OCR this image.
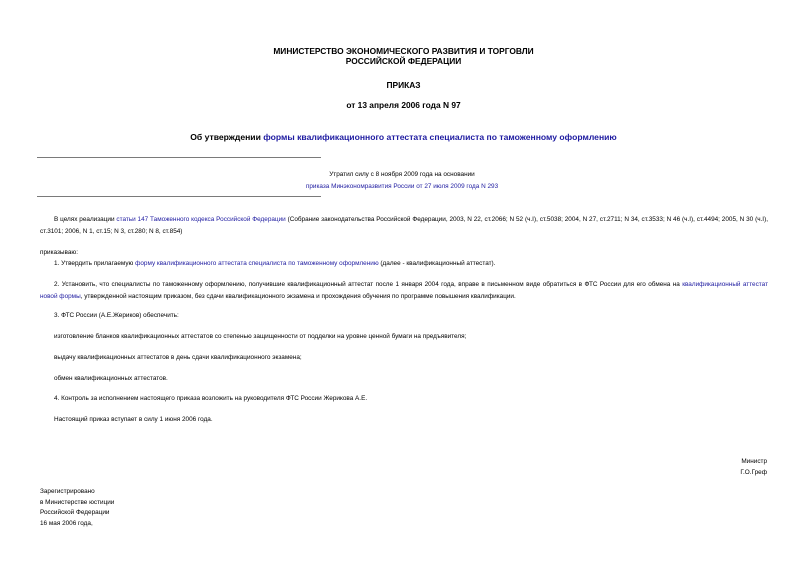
МИНИСТЕРСТВО ЭКОНОМИЧЕСКОГО РАЗВИТИЯ И ТОРГОВЛИ
РОССИЙСКОЙ ФЕДЕРАЦИИ
ПРИКАЗ
от 13 апреля 2006 года N 97
Об утверждении формы квалификационного аттестата специалиста по таможенному оформлению
Утратил силу с 8 ноября 2009 года на основании
приказа Минэкономразвития России от 27 июля 2009 года N 293
В целях реализации статьи 147 Таможенного кодекса Российской Федерации (Собрание законодательства Российской Федерации, 2003, N 22, ст.2066; N 52 (ч.I), ст.5038; 2004, N 27, ст.2711; N 34, ст.3533; N 46 (ч.I), ст.4494; 2005, N 30 (ч.I), ст.3101; 2006, N 1, ст.15; N 3, ст.280; N 8, ст.854)
приказываю:
1. Утвердить прилагаемую форму квалификационного аттестата специалиста по таможенному оформлению (далее - квалификационный аттестат).
2. Установить, что специалисты по таможенному оформлению, получившие квалификационный аттестат после 1 января 2004 года, вправе в письменном виде обратиться в ФТС России для его обмена на квалификационный аттестат новой формы, утвержденной настоящим приказом, без сдачи квалификационного экзамена и прохождения обучения по программе повышения квалификации.
3. ФТС России (А.Е.Жериков) обеспечить:
изготовление бланков квалификационных аттестатов со степенью защищенности от подделки на уровне ценной бумаги на предъявителя;
выдачу квалификационных аттестатов в день сдачи квалификационного экзамена;
обмен квалификационных аттестатов.
4. Контроль за исполнением настоящего приказа возложить на руководителя ФТС России Жерикова А.Е.
Настоящий приказ вступает в силу 1 июня 2006 года.
Министр
Г.О.Греф
Зарегистрировано
в Министерстве юстиции
Российской Федерации
16 мая 2006 года,
